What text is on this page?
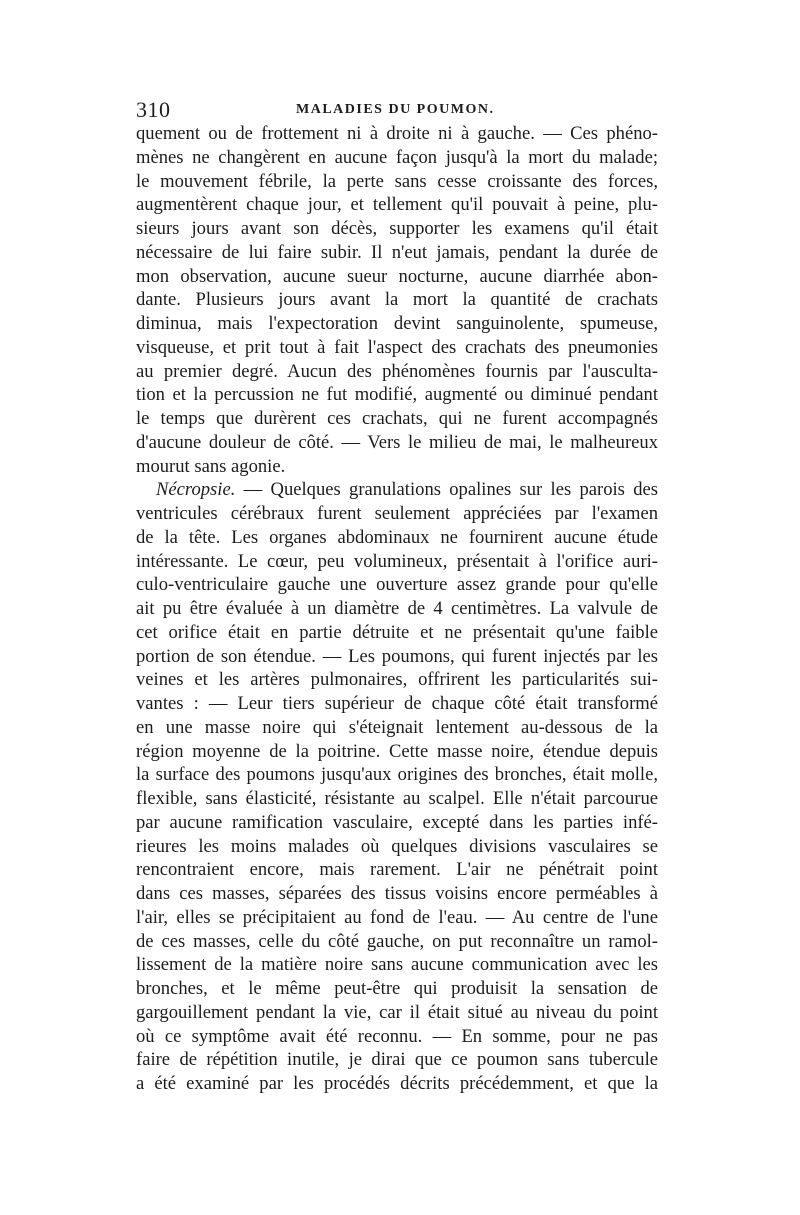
310	MALADIES DU POUMON.
quement ou de frottement ni à droite ni à gauche. — Ces phéno-
mènes ne changèrent en aucune façon jusqu'à la mort du malade;
le mouvement fébrile, la perte sans cesse croissante des forces,
augmentèrent chaque jour, et tellement qu'il pouvait à peine, plu-
sieurs jours avant son décès, supporter les examens qu'il était
nécessaire de lui faire subir. Il n'eut jamais, pendant la durée de
mon observation, aucune sueur nocturne, aucune diarrhée abon-
dante. Plusieurs jours avant la mort la quantité de crachats
diminua, mais l'expectoration devint sanguinolente, spumeuse,
visqueuse, et prit tout à fait l'aspect des crachats des pneumonies
au premier degré. Aucun des phénomènes fournis par l'ausculta-
tion et la percussion ne fut modifié, augmenté ou diminué pendant
le temps que durèrent ces crachats, qui ne furent accompagnés
d'aucune douleur de côté. — Vers le milieu de mai, le malheureux
mourut sans agonie.
Nécropsie. — Quelques granulations opalines sur les parois des
ventricules cérébraux furent seulement appréciées par l'examen
de la tête. Les organes abdominaux ne fournirent aucune étude
intéressante. Le cœur, peu volumineux, présentait à l'orifice auri-
culo-ventriculaire gauche une ouverture assez grande pour qu'elle
ait pu être évaluée à un diamètre de 4 centimètres. La valvule de
cet orifice était en partie détruite et ne présentait qu'une faible
portion de son étendue. — Les poumons, qui furent injectés par les
veines et les artères pulmonaires, offrirent les particularités sui-
vantes : — Leur tiers supérieur de chaque côté était transformé
en une masse noire qui s'éteignait lentement au-dessous de la
région moyenne de la poitrine. Cette masse noire, étendue depuis
la surface des poumons jusqu'aux origines des bronches, était molle,
flexible, sans élasticité, résistante au scalpel. Elle n'était parcourue
par aucune ramification vasculaire, excepté dans les parties infé-
rieures les moins malades où quelques divisions vasculaires se
rencontraient encore, mais rarement. L'air ne pénétrait point
dans ces masses, séparées des tissus voisins encore perméables à
l'air, elles se précipitaient au fond de l'eau. — Au centre de l'une
de ces masses, celle du côté gauche, on put reconnaître un ramol-
lissement de la matière noire sans aucune communication avec les
bronches, et le même peut-être qui produisit la sensation de
gargouillement pendant la vie, car il était situé au niveau du point
où ce symptôme avait été reconnu. — En somme, pour ne pas
faire de répétition inutile, je dirai que ce poumon sans tubercule
a été examiné par les procédés décrits précédemment, et que la
